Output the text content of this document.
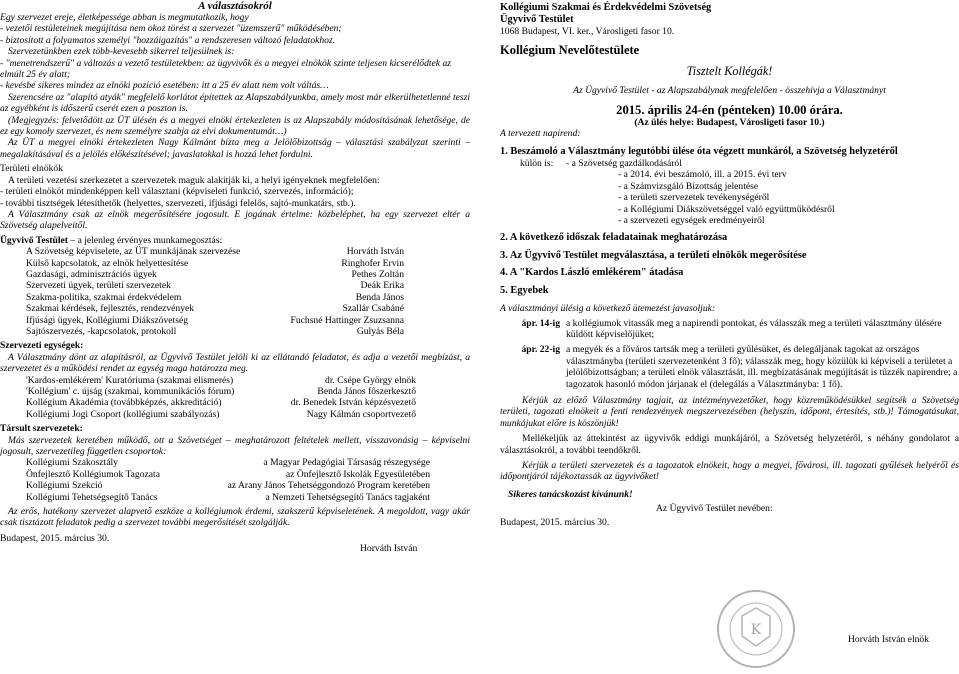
A választásokról

Egy szervezet ereje, életképessége abban is megmutatkozik, hogy

- vezetői testületeinek megújítása nem okoz törést a szervezet "üzemszerű" működésében;

- biztosított a folyamatos személyi "hozzáigazítás" a rendszeresen változó feladatokhoz.

Szervezetünkben ezek több-kevesebb sikerrel teljesülnek is:

- "menetrendszerű" a változás a vezető testületekben: az ügyvivők és a megyei elnökök szinte teljesen kicserélődtek az elmúlt 25 év alatt;

- kevésbé sikeres mindez az elnöki pozíció esetében: itt a 25 év alatt nem volt váltás…

Szerencsére az "alapító atyák" megfelelő korlátot építettek az Alapszabályunkba, amely most már elkerülhetetlenné teszi az egyébként is időszerű cserét ezen a poszton is.

(Megjegyzés: felvetődött az ÜT ülésén és a megyei elnöki értekezleten is az Alapszabály módosításának lehetősége, de ez egy komoly szervezet, és nem személyre szabja az elvi dokumentumát…)

Az ÜT a megyei elnöki értekezleten Nagy Kálmánt bízta meg a Jelölőbizottság – választási szabályzat szerinti – megalakításával és a jelölés előkészítésével; javaslatokkal is hozzá lehet fordulni.

Területi elnökök

A területi vezetési szerkezetet a szervezetek maguk alakítják ki, a helyi igényeknek megfelelően:

- területi elnököt mindenképpen kell választani (képviseleti funkció, szervezés, információ);

- további tisztségek létesíthetők (helyettes, szervezeti, ifjúsági felelős, sajtó-munkatárs, stb.).

A Választmány csak az elnök megerősítésére jogosult. E jogának értelme: közbeléphet, ha egy szervezet eltér a Szövetség alapelveitől.

Ügyvivő Testület – a jelenleg érvényes munkamegosztás:

A Szövetség képviselete, az ÜT munkájának szervezése	Horváth István
Külső kapcsolatok, az elnök helyettesítése	Ringhofer Ervin
Gazdasági, adminisztrációs ügyek	Pethes Zoltán
Szervezeti ügyek, területi szervezetek	Deák Erika
Szakma-politika, szakmai érdekvédelem	Benda János
Szakmai kérdések, fejlesztés, rendezvények	Szallár Csabáné
Ifjúsági ügyek, Kollégiumi Diákszövetség	Fuchsné Hattinger Zsuzsanna
Sajtószervezés, -kapcsolatok, protokoll	Gulyás Béla

Szervezeti egységek:

A Választmány dönt az alapításról, az Ügyvivő Testület jelöli ki az ellátandó feladatot, és adja a vezetői megbízást, a szervezetet és a működési rendet az egység maga határozza meg.

'Kardos-emlékérem' Kuratóriuma (szakmai elismerés)	dr. Csépe György elnök
'Kollégium' c. újság (szakmai, kommunikációs fórum)	Benda János főszerkesztő
Kollégium Akadémia (továbbképzés, akkreditáció)	dr. Benedek István képzésvezető
Kollégiumi Jogi Csoport (kollégiumi szabályozás)	Nagy Kálmán csoportvezető

Társult szervezetek:

Más szervezetek keretében működő, ott a Szövetséget – meghatározott feltételek mellett, visszavonásig – képviselni jogosult, szervezetileg független csoportok:

Kollégiumi Szakosztály	a Magyar Pedagógiai Társaság részegysége
Önfejlesztő Kollégiumok Tagozata	az Önfejlesztő Iskolák Egyesületében
Kollégiumi Szekció	az Arany János Tehetséggondozó Program keretében
Kollégiumi Tehetségsegítő Tanács	a Nemzeti Tehetségsegítő Tanács tagjaként

Az erős, hatékony szervezet alapvető eszköze a kollégiumok érdemi, szakszerű képviseletének. A megoldott, vagy akár csak tisztázott feladatok pedig a szervezet további megerősítését szolgálják.

Budapest, 2015. március 30.
Horváth István

Kollégiumi Szakmai és Érdekvédelmi Szövetség

Ügyvivő Testület

1068 Budapest, VI. ker., Városligeti fasor 10.

Kollégium Nevelőtestülete

Tisztelt Kollégák!

Az Ügyvivő Testület - az Alapszabálynak megfelelően - összehívja a Választmányt

2015. április 24-én (pénteken) 10.00 órára.

(Az ülés helye: Budapest, Városligeti fasor 10.)

A tervezett napirend:

1. Beszámoló a Választmány legutóbbi ülése óta végzett munkáról, a Szövetség helyzetéről

külön is:	- a Szövetség gazdálkodásáról

- a 2014. évi beszámoló, ill. a 2015. évi terv

- a Számvizsgáló Bizottság jelentése

- a területi szervezetek tevékenységéről

- a Kollégiumi Diákszövetséggel való együttműködésről

- a szervezeti egységek eredményeiről

2. A következő időszak feladatainak meghatározása

3. Az Ügyvivő Testület megválasztása, a területi elnökök megerősítése

4. A "Kardos László emlékérem" átadása

5. Egyebek

A választmányi ülésig a következő ütemezést javasoljuk:

ápr. 14-ig a kollégiumok vitassák meg a napirendi pontokat, és válasszák meg a területi választmány ülésére küldött képviselőjüket;
ápr. 22-ig a megyék és a főváros tartsák meg a területi gyűlésüket, és delegáljanak tagokat az országos választmányba (területi szervezetenként 3 fő); válasszák meg, hogy közülük ki képviseli a területet a jelölőbizottságban; a területi elnök választását, ill. megbízatásának megújítását is tűzzék napirendre; a tagozatok hasonló módon járjanak el (delegálás a Választmányba: 1 fő).

Kérjük az előző Választmány tagjait, az intézményvezetőket, hogy közreműködésükkel segítsék a Szövetség területi, tagozati elnökeit a fenti rendezvények megszervezésében (helyszín, időpont, értesítés, stb.)! Támogatásukat, munkájukat előre is köszönjük!

Mellékeljük az áttekintést az ügyvivők eddigi munkájáról, a Szövetség helyzetéről, s néhány gondolatot a választásokról, a további teendőkről.

Kérjük a területi szervezetek és a tagozatok elnökeit, hogy a megyei, fővárosi, ill. tagozati gyűlések helyéről és időpontjáról tájékoztassák az ügyvivőket!

Sikeres tanácskozást kívánunk!

Az Ügyvivő Testület nevében:

Budapest, 2015. március 30.

K
Horváth István elnök
